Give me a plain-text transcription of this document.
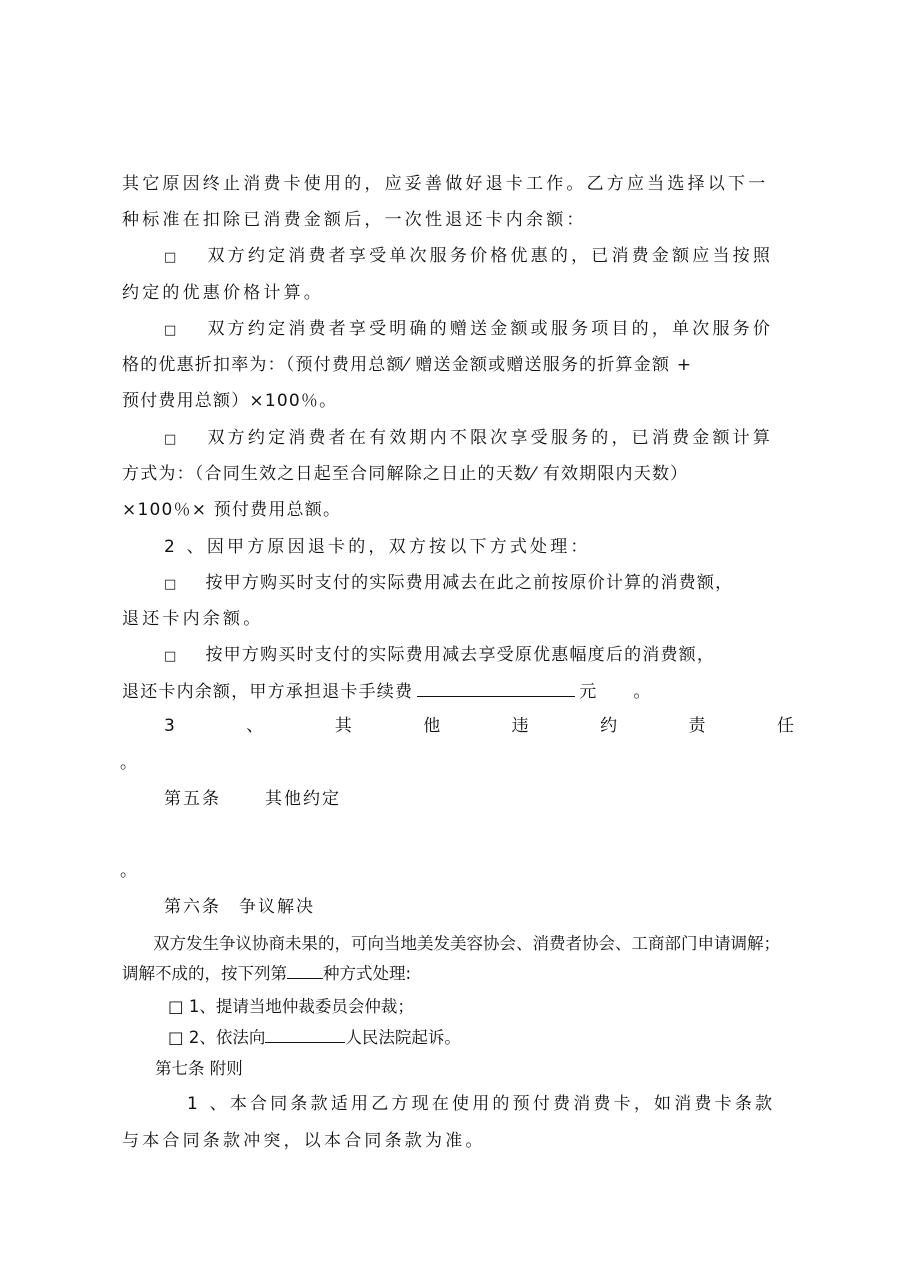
其它原因终止消费卡使用的，应妥善做好退卡工作。乙方应当选择以下一
种标准在扣除已消费金额后，一次性退还卡内余额：
□ 双方约定消费者享受单次服务价格优惠的，已消费金额应当按照
约定的优惠价格计算。
□ 双方约定消费者享受明确的赠送金额或服务项目的，单次服务价
格的优惠折扣率为：（预付费用总额⁄ 赠送金额或赠送服务的折算金额 +
预付费用总额）×100％。
□ 双方约定消费者在有效期内不限次享受服务的，已消费金额计算
方式为：（合同生效之日起至合同解除之日止的天数⁄ 有效期限内天数）
×100％× 预付费用总额。
2 、因甲方原因退卡的，双方按以下方式处理：
□ 按甲方购买时支付的实际费用减去在此之前按原价计算的消费额，
退还卡内余额。
□ 按甲方购买时支付的实际费用减去享受原优惠幅度后的消费额，
退还卡内余额，甲方承担退卡手续费	元 。
3	、	其	他	违	约	责	任
。
第五条	其他约定
。
第六条 争议解决
双方发生争议协商未果的，可向当地美发美容协会、消费者协会、工商部门申请调解；
调解不成的，按下列第 种方式处理:
□ 1、提请当地仲裁委员会仲裁；
□ 2、依法向	人民法院起诉。
第七条 附则
1 、本合同条款适用乙方现在使用的预付费消费卡，如消费卡条款
与本合同条款冲突，以本合同条款为准。
